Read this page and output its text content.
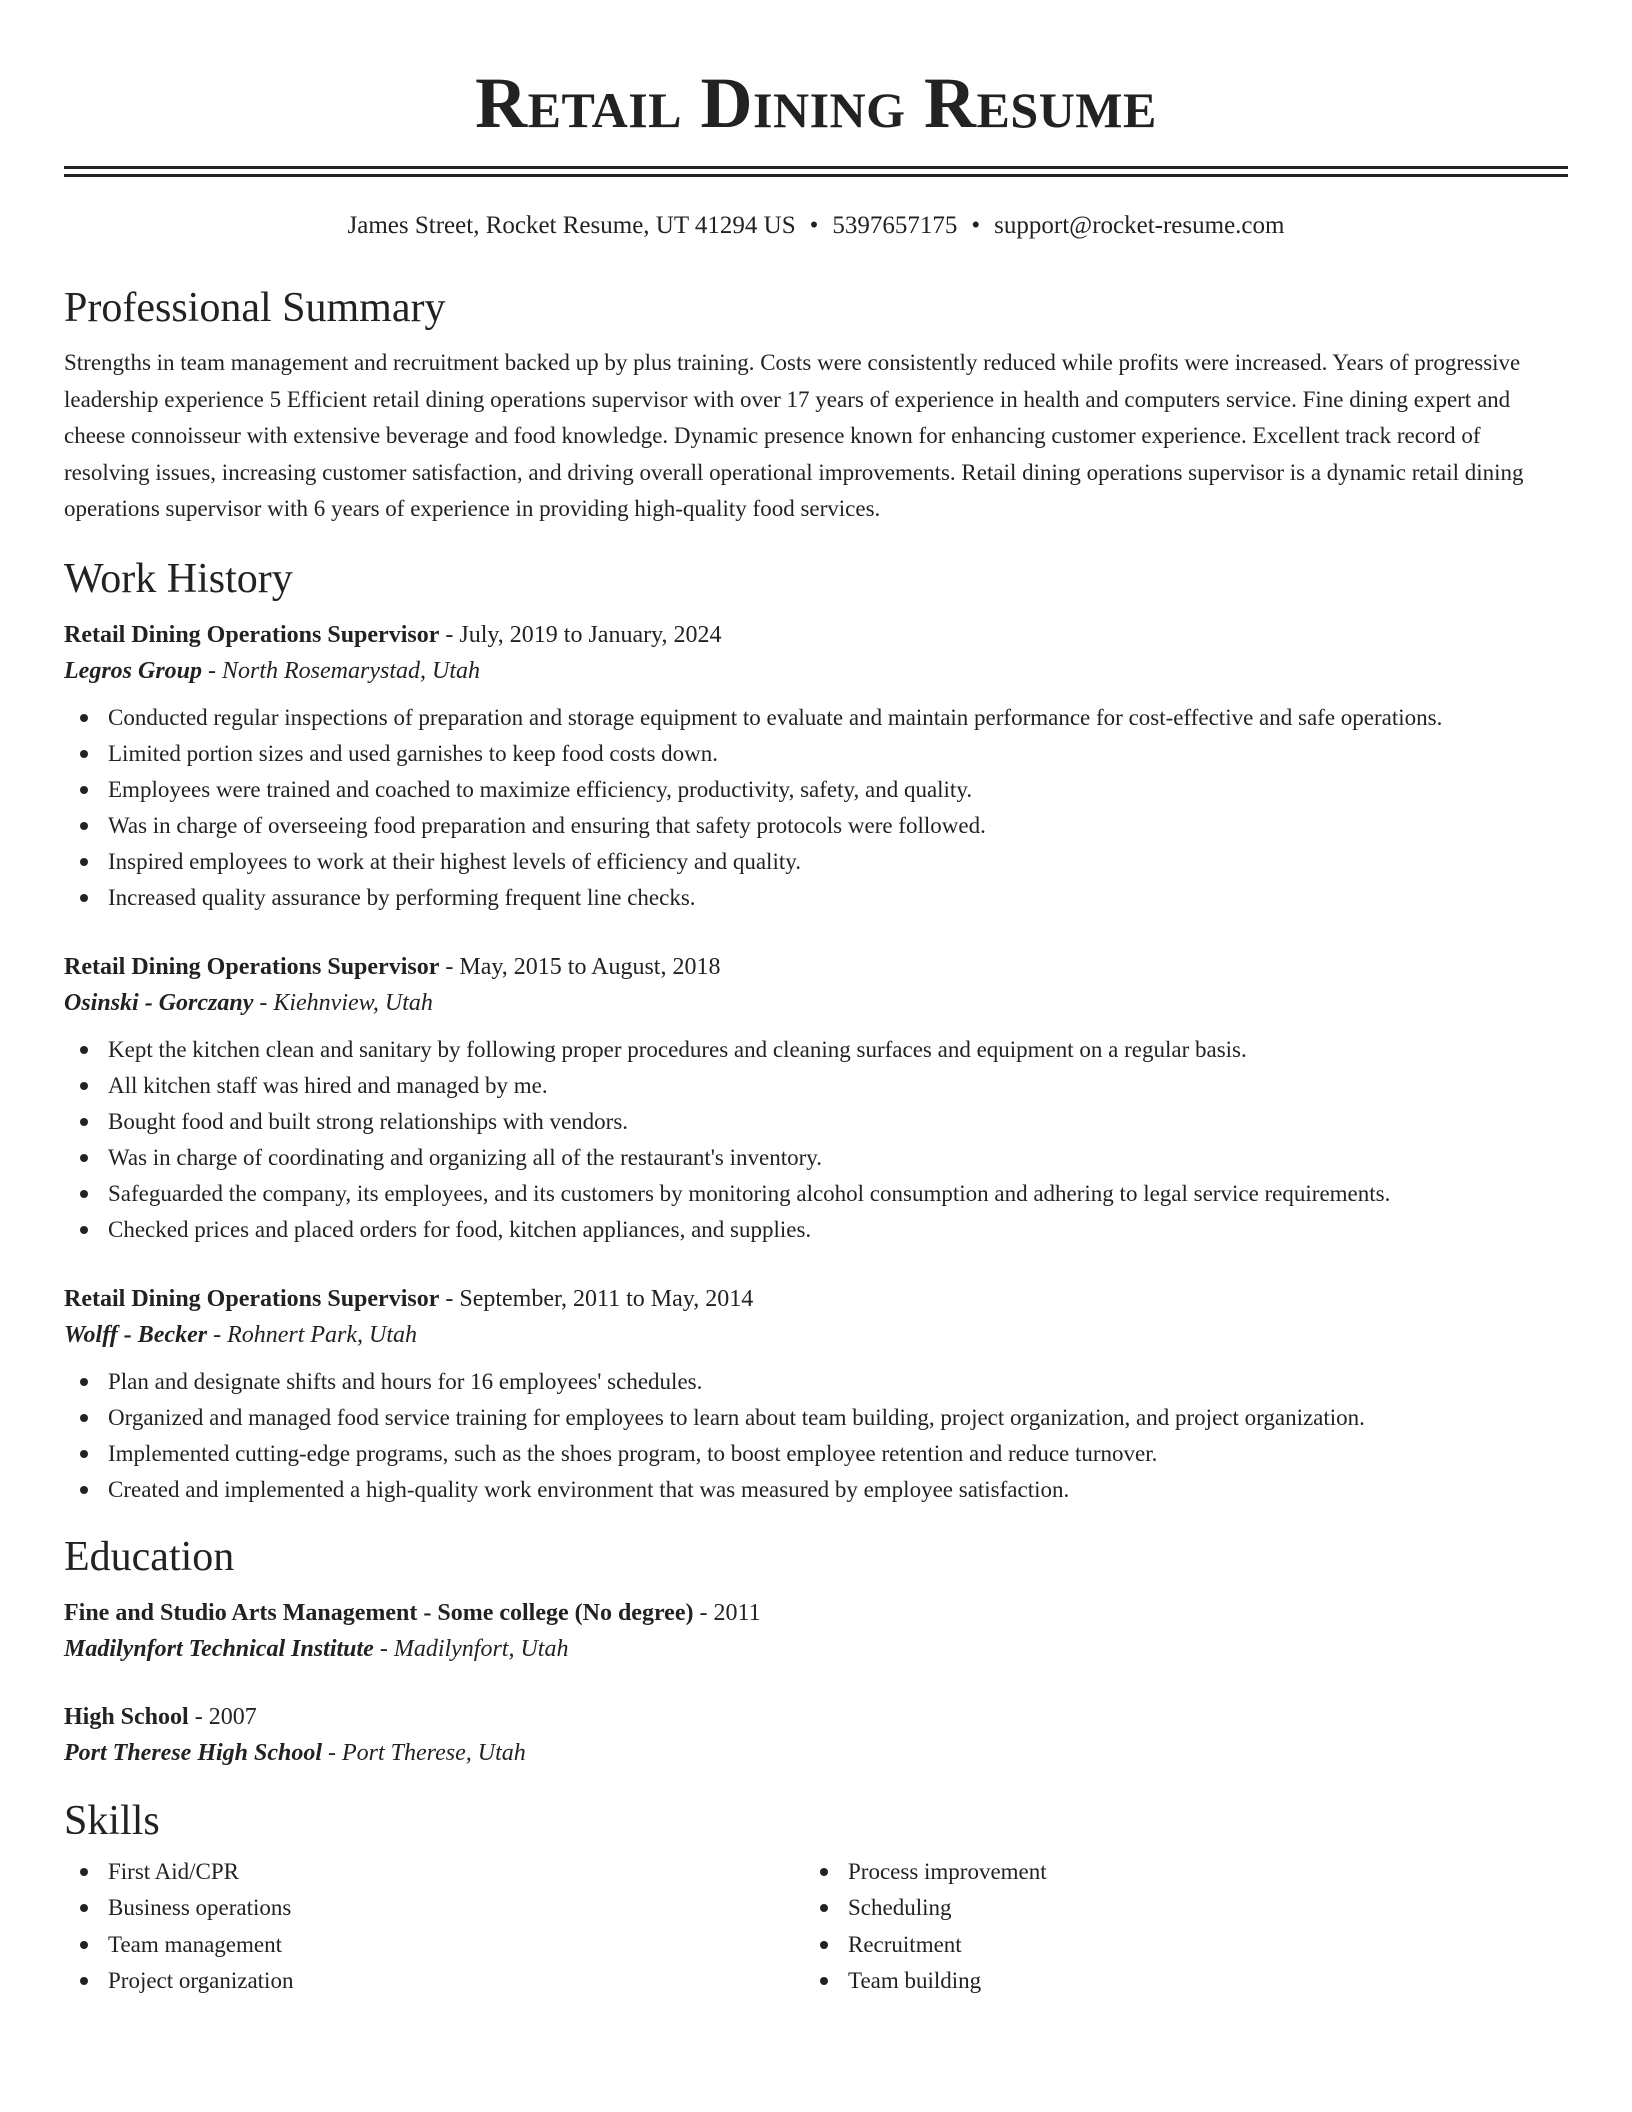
Retail Dining Resume
James Street, Rocket Resume, UT 41294 US • 5397657175 • support@rocket-resume.com
Professional Summary
Strengths in team management and recruitment backed up by plus training. Costs were consistently reduced while profits were increased. Years of progressive leadership experience 5 Efficient retail dining operations supervisor with over 17 years of experience in health and computers service. Fine dining expert and cheese connoisseur with extensive beverage and food knowledge. Dynamic presence known for enhancing customer experience. Excellent track record of resolving issues, increasing customer satisfaction, and driving overall operational improvements. Retail dining operations supervisor is a dynamic retail dining operations supervisor with 6 years of experience in providing high-quality food services.
Work History
Retail Dining Operations Supervisor - July, 2019 to January, 2024
Legros Group - North Rosemarystad, Utah
Conducted regular inspections of preparation and storage equipment to evaluate and maintain performance for cost-effective and safe operations.
Limited portion sizes and used garnishes to keep food costs down.
Employees were trained and coached to maximize efficiency, productivity, safety, and quality.
Was in charge of overseeing food preparation and ensuring that safety protocols were followed.
Inspired employees to work at their highest levels of efficiency and quality.
Increased quality assurance by performing frequent line checks.
Retail Dining Operations Supervisor - May, 2015 to August, 2018
Osinski - Gorczany - Kiehnview, Utah
Kept the kitchen clean and sanitary by following proper procedures and cleaning surfaces and equipment on a regular basis.
All kitchen staff was hired and managed by me.
Bought food and built strong relationships with vendors.
Was in charge of coordinating and organizing all of the restaurant's inventory.
Safeguarded the company, its employees, and its customers by monitoring alcohol consumption and adhering to legal service requirements.
Checked prices and placed orders for food, kitchen appliances, and supplies.
Retail Dining Operations Supervisor - September, 2011 to May, 2014
Wolff - Becker - Rohnert Park, Utah
Plan and designate shifts and hours for 16 employees' schedules.
Organized and managed food service training for employees to learn about team building, project organization, and project organization.
Implemented cutting-edge programs, such as the shoes program, to boost employee retention and reduce turnover.
Created and implemented a high-quality work environment that was measured by employee satisfaction.
Education
Fine and Studio Arts Management - Some college (No degree) - 2011
Madilynfort Technical Institute - Madilynfort, Utah
High School - 2007
Port Therese High School - Port Therese, Utah
Skills
First Aid/CPR
Business operations
Team management
Project organization
Process improvement
Scheduling
Recruitment
Team building
